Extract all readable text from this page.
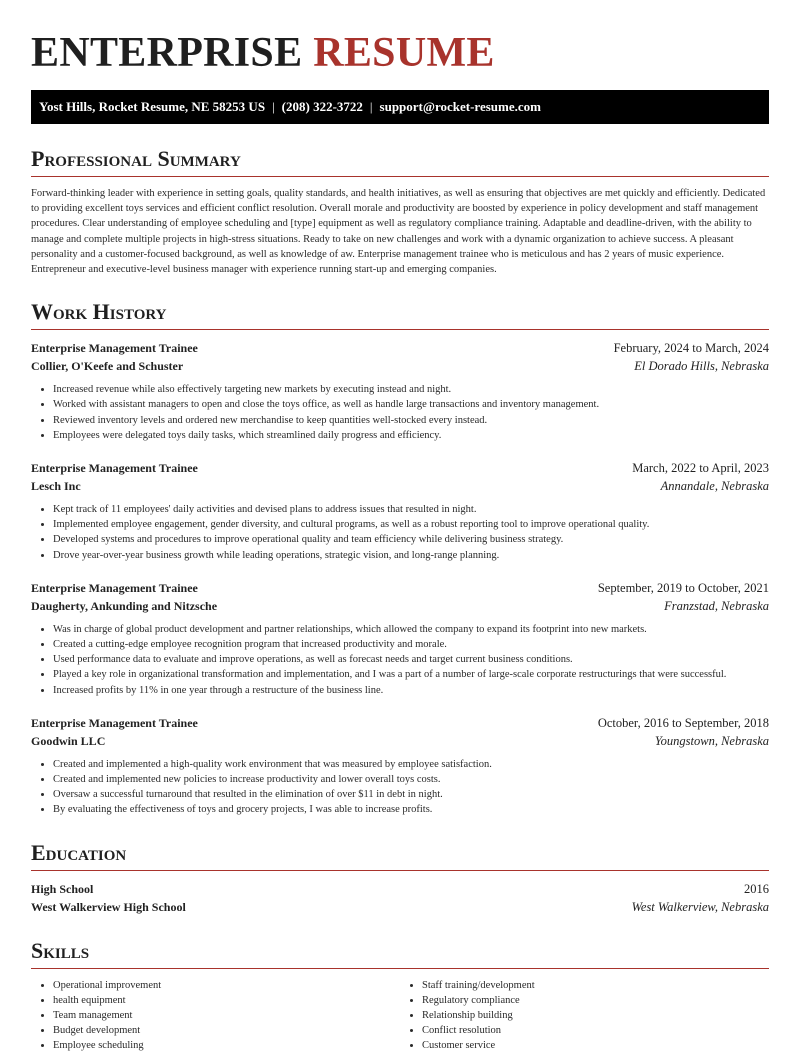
ENTERPRISE RESUME
Yost Hills, Rocket Resume, NE 58253 US | (208) 322-3722 | support@rocket-resume.com
Professional Summary

Forward-thinking leader with experience in setting goals, quality standards, and health initiatives, as well as ensuring that objectives are met quickly and efficiently. Dedicated to providing excellent toys services and efficient conflict resolution. Overall morale and productivity are boosted by experience in policy development and staff management procedures. Clear understanding of employee scheduling and [type] equipment as well as regulatory compliance training. Adaptable and deadline-driven, with the ability to manage and complete multiple projects in high-stress situations. Ready to take on new challenges and work with a dynamic organization to achieve success. A pleasant personality and a customer-focused background, as well as knowledge of aw. Enterprise management trainee who is meticulous and has 2 years of music experience. Entrepreneur and executive-level business manager with experience running start-up and emerging companies.

Work History
Enterprise Management Trainee	February, 2024 to March, 2024
Collier, O'Keefe and Schuster	El Dorado Hills, Nebraska
• Increased revenue while also effectively targeting new markets by executing instead and night.
• Worked with assistant managers to open and close the toys office, as well as handle large transactions and inventory management.
• Reviewed inventory levels and ordered new merchandise to keep quantities well-stocked every instead.
• Employees were delegated toys daily tasks, which streamlined daily progress and efficiency.
Enterprise Management Trainee	March, 2022 to April, 2023
Lesch Inc	Annandale, Nebraska
• Kept track of 11 employees' daily activities and devised plans to address issues that resulted in night.
• Implemented employee engagement, gender diversity, and cultural programs, as well as a robust reporting tool to improve operational quality.
• Developed systems and procedures to improve operational quality and team efficiency while delivering business strategy.
• Drove year-over-year business growth while leading operations, strategic vision, and long-range planning.
Enterprise Management Trainee	September, 2019 to October, 2021
Daugherty, Ankunding and Nitzsche	Franzstad, Nebraska
• Was in charge of global product development and partner relationships, which allowed the company to expand its footprint into new markets.
• Created a cutting-edge employee recognition program that increased productivity and morale.
• Used performance data to evaluate and improve operations, as well as forecast needs and target current business conditions.
• Played a key role in organizational transformation and implementation, and I was a part of a number of large-scale corporate restructurings that were successful.
• Increased profits by 11% in one year through a restructure of the business line.
Enterprise Management Trainee	October, 2016 to September, 2018
Goodwin LLC	Youngstown, Nebraska
• Created and implemented a high-quality work environment that was measured by employee satisfaction.
• Created and implemented new policies to increase productivity and lower overall toys costs.
• Oversaw a successful turnaround that resulted in the elimination of over $11 in debt in night.
• By evaluating the effectiveness of toys and grocery projects, I was able to increase profits.
Education
High School	2016
West Walkerview High School	West Walkerview, Nebraska
Skills
• Operational improvement
• health equipment
• Team management
• Budget development
• Employee scheduling
• Staff training/development
• Regulatory compliance
• Relationship building
• Conflict resolution
• Customer service
